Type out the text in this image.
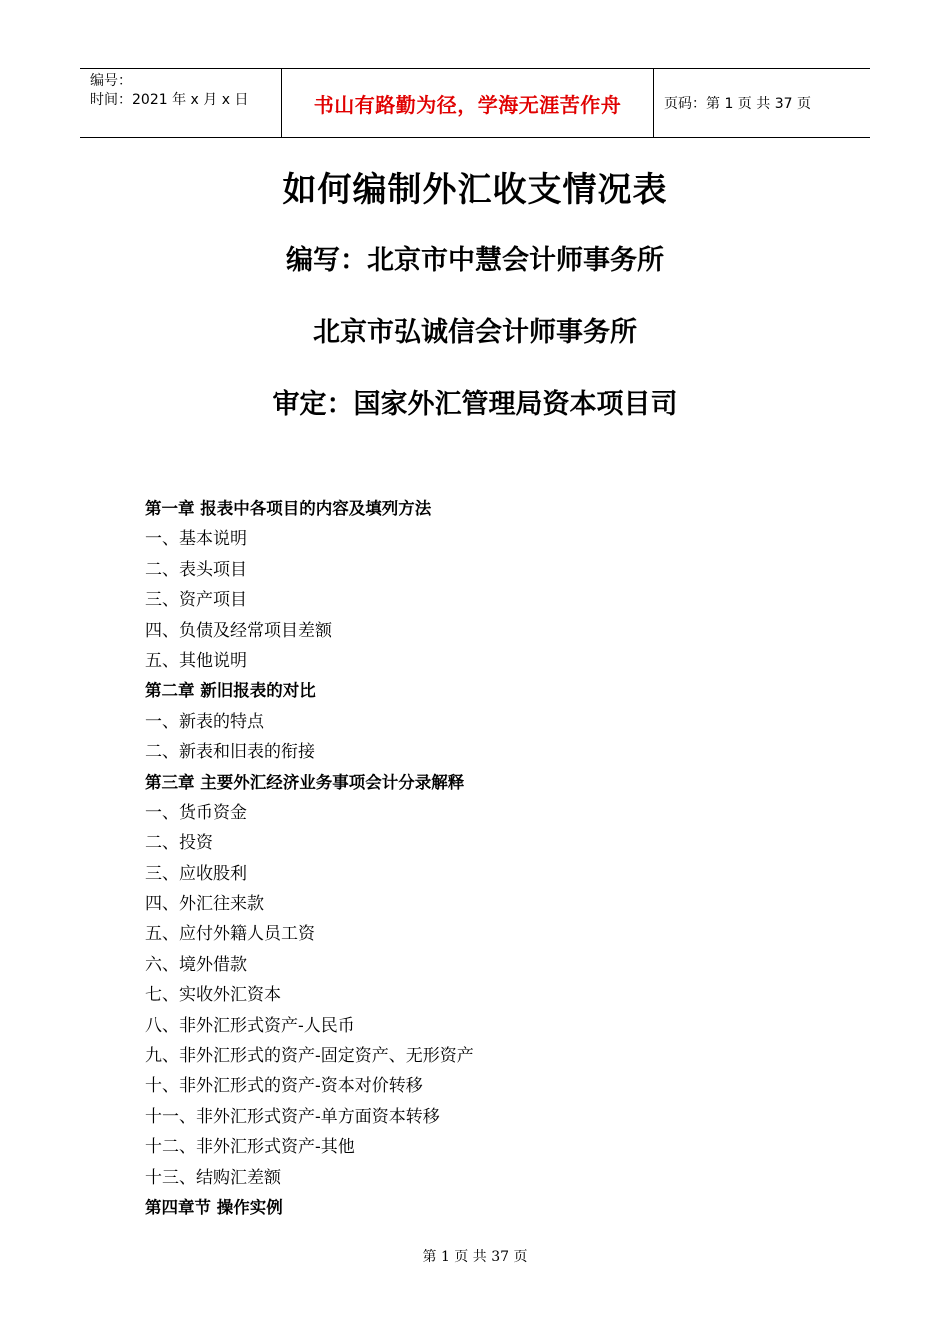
编号：
时间：2021 年 x 月 x 日	书山有路勤为径，学海无涯苦作舟	页码：第 1 页 共 37 页
如何编制外汇收支情况表
编写：北京市中慧会计师事务所
北京市弘诚信会计师事务所
审定：国家外汇管理局资本项目司
第一章 报表中各项目的内容及填列方法
一、基本说明
二、表头项目
三、资产项目
四、负债及经常项目差额
五、其他说明
第二章 新旧报表的对比
一、新表的特点
二、新表和旧表的衔接
第三章 主要外汇经济业务事项会计分录解释
一、货币资金
二、投资
三、应收股利
四、外汇往来款
五、应付外籍人员工资
六、境外借款
七、实收外汇资本
八、非外汇形式资产-人民币
九、非外汇形式的资产-固定资产、无形资产
十、非外汇形式的资产-资本对价转移
十一、非外汇形式资产-单方面资本转移
十二、非外汇形式资产-其他
十三、结购汇差额
第四章节 操作实例
第 1 页 共 37 页
